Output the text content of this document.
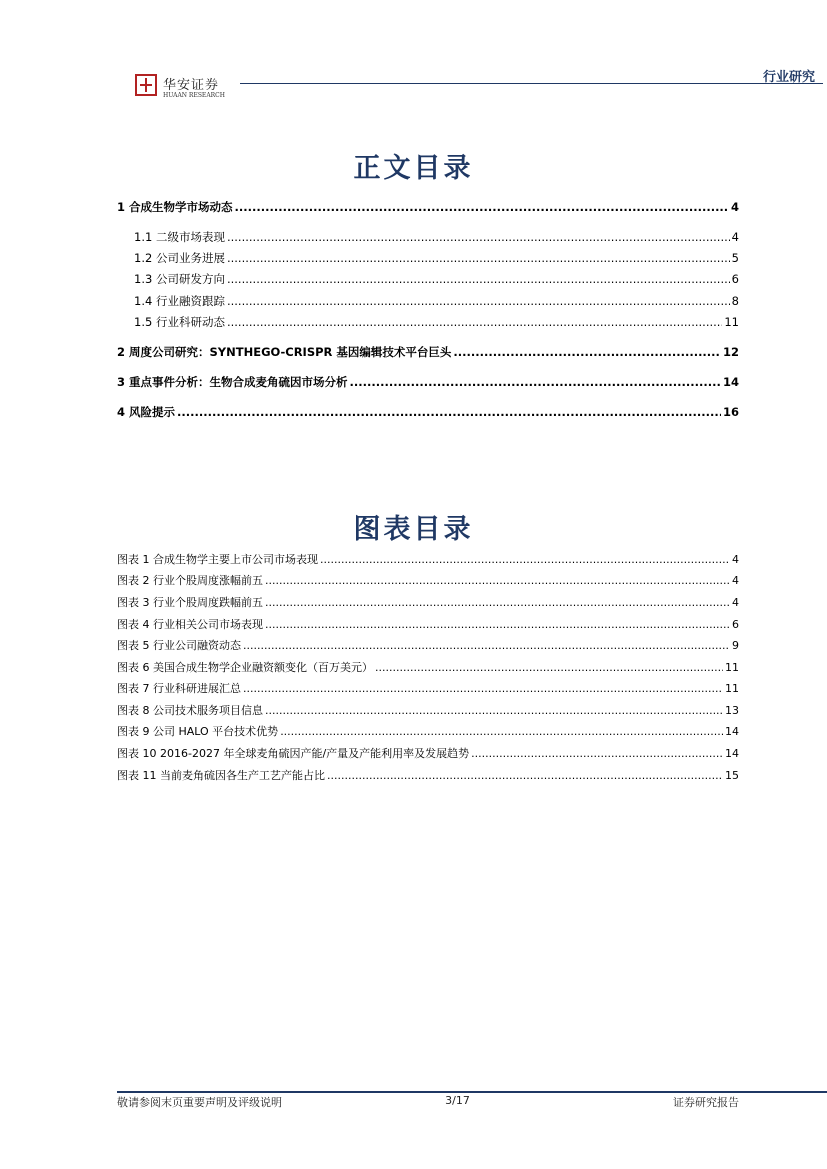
华安证券
HUAAN RESEARCH
行业研究
正文目录
1 合成生物学市场动态 .....	4
1.1 二级市场表现 .....	4
1.2 公司业务进展 .....	5
1.3 公司研发方向 .....	6
1.4 行业融资跟踪 .....	8
1.5 行业科研动态 .....	11
2 周度公司研究：SYNTHEGO-CRISPR 基因编辑技术平台巨头 .....	12
3 重点事件分析：生物合成麦角硫因市场分析 .....	14
4 风险提示 .....	16
图表目录
图表 1 合成生物学主要上市公司市场表现 .....	4
图表 2 行业个股周度涨幅前五 .....	4
图表 3 行业个股周度跌幅前五 .....	4
图表 4 行业相关公司市场表现 .....	6
图表 5 行业公司融资动态 .....	9
图表 6 美国合成生物学企业融资额变化（百万美元） .....	11
图表 7 行业科研进展汇总 .....	11
图表 8 公司技术服务项目信息 .....	13
图表 9 公司 HALO 平台技术优势 .....	14
图表 10 2016-2027 年全球麦角硫因产能/产量及产能利用率及发展趋势 .....	14
图表 11 当前麦角硫因各生产工艺产能占比 .....	15
敬请参阅末页重要声明及评级说明	3/17	证券研究报告
